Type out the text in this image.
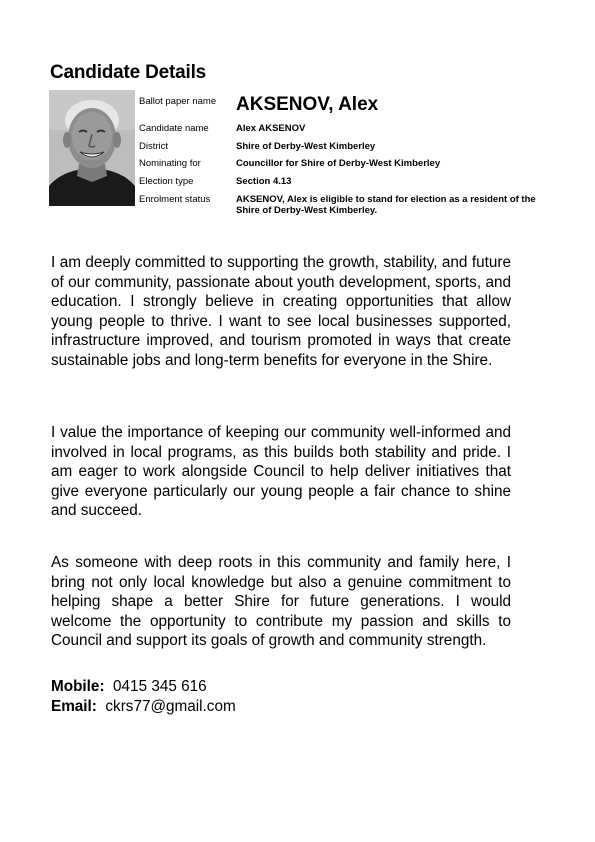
Candidate Details
Ballot paper name	AKSENOV, Alex
Candidate name	Alex AKSENOV
District	Shire of Derby-West Kimberley
Nominating for	Councillor for Shire of Derby-West Kimberley
Election type	Section 4.13
Enrolment status	AKSENOV, Alex is eligible to stand for election as a resident of the Shire of Derby-West Kimberley.

I am deeply committed to supporting the growth, stability, and future of our community, passionate about youth development, sports, and education. I strongly believe in creating opportunities that allow young people to thrive. I want to see local businesses supported, infrastructure improved, and tourism promoted in ways that create sustainable jobs and long-term benefits for everyone in the Shire.

I value the importance of keeping our community well-informed and involved in local programs, as this builds both stability and pride. I am eager to work alongside Council to help deliver initiatives that give everyone particularly our young people a fair chance to shine and succeed.

As someone with deep roots in this community and family here, I bring not only local knowledge but also a genuine commitment to helping shape a better Shire for future generations. I would welcome the opportunity to contribute my passion and skills to Council and support its goals of growth and community strength.

Mobile: 0415 345 616
Email: ckrs77@gmail.com
